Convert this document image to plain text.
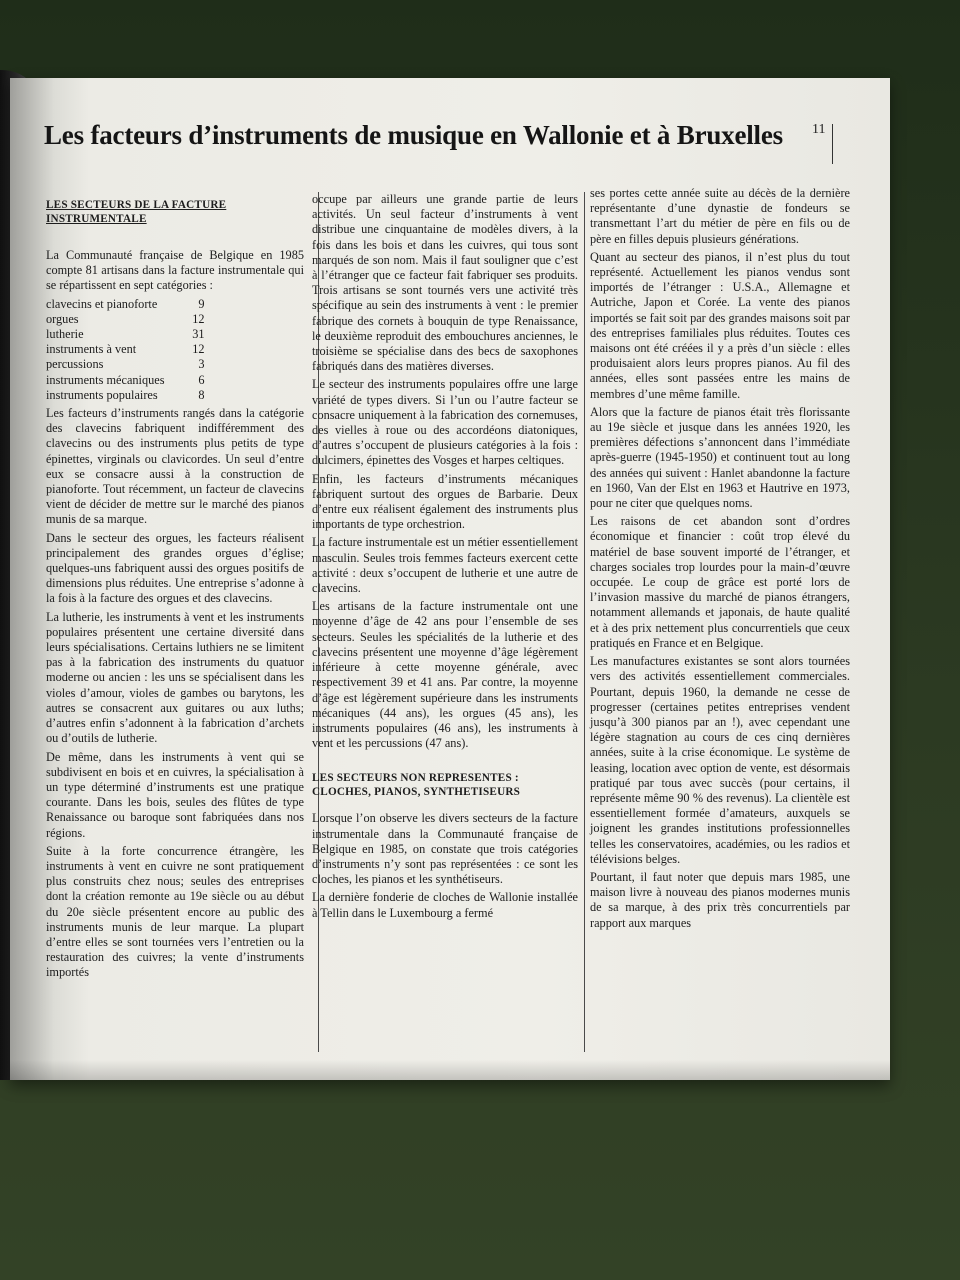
Les facteurs d’instruments de musique en Wallonie et à Bruxelles	11

LES SECTEURS DE LA FACTURE INSTRUMENTALE

La Communauté française de Belgique en 1985 compte 81 artisans dans la facture instrumentale qui se répartissent en sept catégories :

clavecins et pianoforte	9
orgues	12
lutherie	31
instruments à vent	12
percussions	3
instruments mécaniques	6
instruments populaires	8

Les facteurs d’instruments rangés dans la catégorie des clavecins fabriquent indifféremment des clavecins ou des instruments plus petits de type épinettes, virginals ou clavicordes. Un seul d’entre eux se consacre aussi à la construction de pianoforte. Tout récemment, un facteur de clavecins vient de décider de mettre sur le marché des pianos munis de sa marque.

Dans le secteur des orgues, les facteurs réalisent principalement des grandes orgues d’église; quelques-uns fabriquent aussi des orgues positifs de dimensions plus réduites. Une entreprise s’adonne à la fois à la facture des orgues et des clavecins.

La lutherie, les instruments à vent et les instruments populaires présentent une certaine diversité dans leurs spécialisations. Certains luthiers ne se limitent pas à la fabrication des instruments du quatuor moderne ou ancien : les uns se spécialisent dans les violes d’amour, violes de gambes ou barytons, les autres se consacrent aux guitares ou aux luths; d’autres enfin s’adonnent à la fabrication d’archets ou d’outils de lutherie.

De même, dans les instruments à vent qui se subdivisent en bois et en cuivres, la spécialisation à un type déterminé d’instruments est une pratique courante. Dans les bois, seules des flûtes de type Renaissance ou baroque sont fabriquées dans nos régions.

Suite à la forte concurrence étrangère, les instruments à vent en cuivre ne sont pratiquement plus construits chez nous; seules des entreprises dont la création remonte au 19e siècle ou au début du 20e siècle présentent encore au public des instruments munis de leur marque. La plupart d’entre elles se sont tournées vers l’entretien ou la restauration des cuivres; la vente d’instruments importés

occupe par ailleurs une grande partie de leurs activités. Un seul facteur d’instruments à vent distribue une cinquantaine de modèles divers, à la fois dans les bois et dans les cuivres, qui tous sont marqués de son nom. Mais il faut souligner que c’est à l’étranger que ce facteur fait fabriquer ses produits. Trois artisans se sont tournés vers une activité très spécifique au sein des instruments à vent : le premier fabrique des cornets à bouquin de type Renaissance, le deuxième reproduit des embouchures anciennes, le troisième se spécialise dans des becs de saxophones fabriqués dans des matières diverses.

Le secteur des instruments populaires offre une large variété de types divers. Si l’un ou l’autre facteur se consacre uniquement à la fabrication des cornemuses, des vielles à roue ou des accordéons diatoniques, d’autres s’occupent de plusieurs catégories à la fois : dulcimers, épinettes des Vosges et harpes celtiques.

Enfin, les facteurs d’instruments mécaniques fabriquent surtout des orgues de Barbarie. Deux d’entre eux réalisent également des instruments plus importants de type orchestrion.

La facture instrumentale est un métier essentiellement masculin. Seules trois femmes facteurs exercent cette activité : deux s’occupent de lutherie et une autre de clavecins.

Les artisans de la facture instrumentale ont une moyenne d’âge de 42 ans pour l’ensemble de ses secteurs. Seules les spécialités de la lutherie et des clavecins présentent une moyenne d’âge légèrement inférieure à cette moyenne générale, avec respectivement 39 et 41 ans. Par contre, la moyenne d’âge est légèrement supérieure dans les instruments mécaniques (44 ans), les orgues (45 ans), les instruments populaires (46 ans), les instruments à vent et les percussions (47 ans).

LES SECTEURS NON REPRESENTES : CLOCHES, PIANOS, SYNTHETISEURS

Lorsque l’on observe les divers secteurs de la facture instrumentale dans la Communauté française de Belgique en 1985, on constate que trois catégories d’instruments n’y sont pas représentées : ce sont les cloches, les pianos et les synthétiseurs.

La dernière fonderie de cloches de Wallonie installée à Tellin dans le Luxembourg a fermé

ses portes cette année suite au décès de la dernière représentante d’une dynastie de fondeurs se transmettant l’art du métier de père en fils ou de père en filles depuis plusieurs générations.

Quant au secteur des pianos, il n’est plus du tout représenté. Actuellement les pianos vendus sont importés de l’étranger : U.S.A., Allemagne et Autriche, Japon et Corée. La vente des pianos importés se fait soit par des grandes maisons soit par des entreprises familiales plus réduites. Toutes ces maisons ont été créées il y a près d’un siècle : elles produisaient alors leurs propres pianos. Au fil des années, elles sont passées entre les mains de membres d’une même famille.

Alors que la facture de pianos était très florissante au 19e siècle et jusque dans les années 1920, les premières défections s’annoncent dans l’immédiate après-guerre (1945-1950) et continuent tout au long des années qui suivent : Hanlet abandonne la facture en 1960, Van der Elst en 1963 et Hautrive en 1973, pour ne citer que quelques noms.

Les raisons de cet abandon sont d’ordres économique et financier : coût trop élevé du matériel de base souvent importé de l’étranger, et charges sociales trop lourdes pour la main-d’œuvre occupée. Le coup de grâce est porté lors de l’invasion massive du marché de pianos étrangers, notamment allemands et japonais, de haute qualité et à des prix nettement plus concurrentiels que ceux pratiqués en France et en Belgique.

Les manufactures existantes se sont alors tournées vers des activités essentiellement commerciales. Pourtant, depuis 1960, la demande ne cesse de progresser (certaines petites entreprises vendent jusqu’à 300 pianos par an !), avec cependant une légère stagnation au cours de ces cinq dernières années, suite à la crise économique. Le système de leasing, location avec option de vente, est désormais pratiqué par tous avec succès (pour certains, il représente même 90 % des revenus). La clientèle est essentiellement formée d’amateurs, auxquels se joignent les grandes institutions professionnelles telles les conservatoires, académies, ou les radios et télévisions belges.

Pourtant, il faut noter que depuis mars 1985, une maison livre à nouveau des pianos modernes munis de sa marque, à des prix très concurrentiels par rapport aux marques
